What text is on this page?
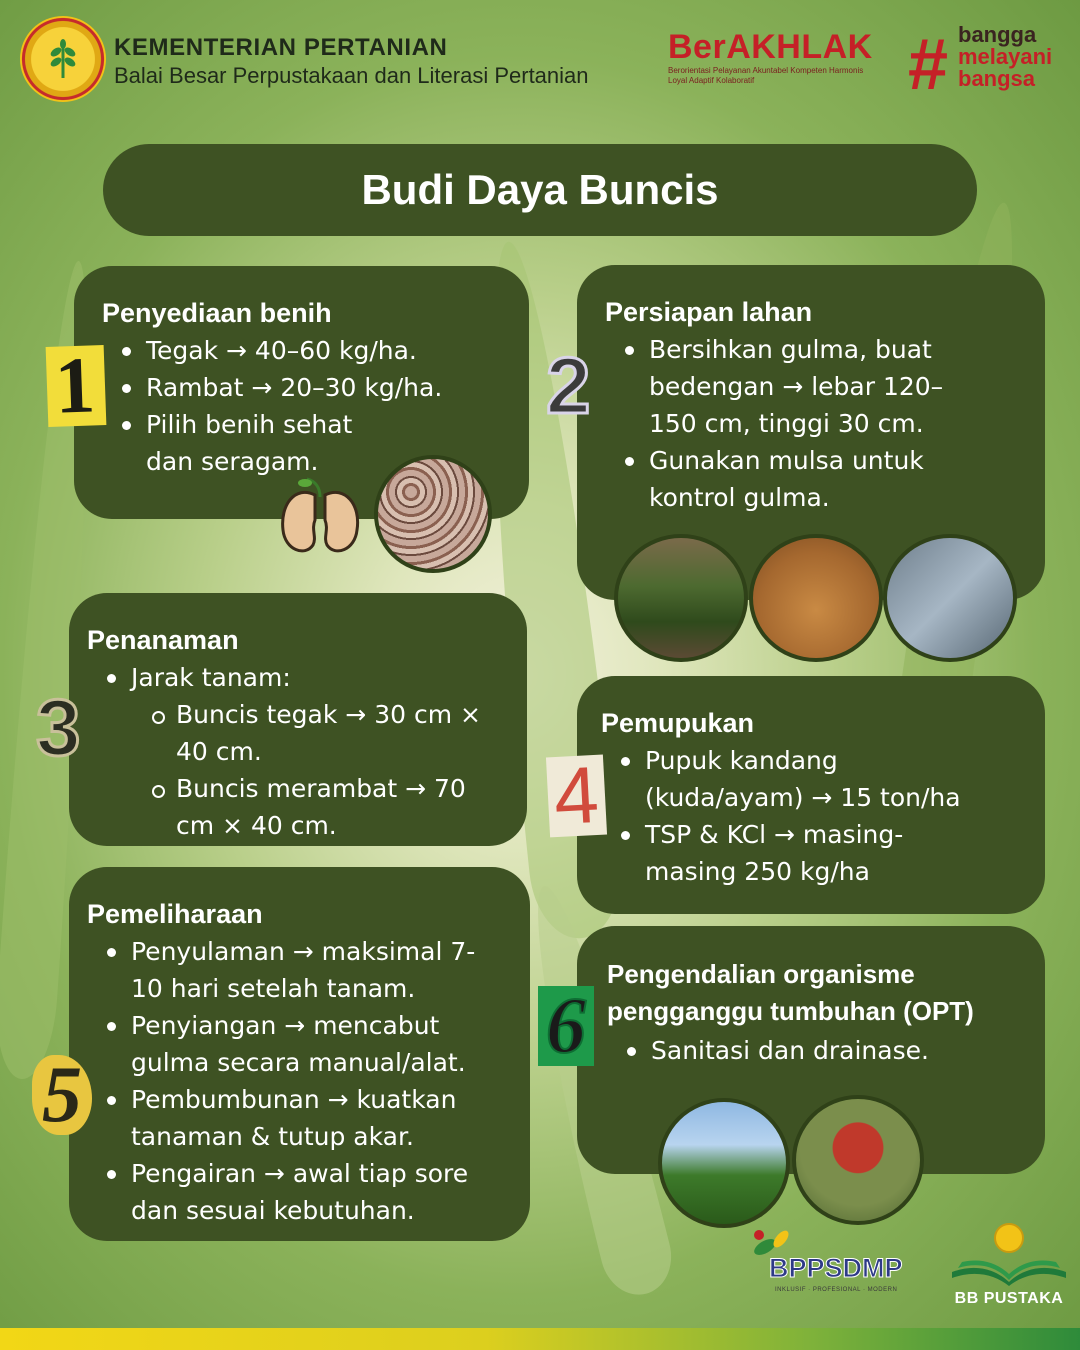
KEMENTERIAN PERTANIAN
Balai Besar Perpustakaan dan Literasi Pertanian
BerAKHLAK
Berorientasi Pelayanan Akuntabel Kompeten Harmonis Loyal Adaptif Kolaboratif	# bangga
melayani
bangsa
Budi Daya Buncis
Penyediaan benih
Tegak → 40–60 kg/ha.
Rambat → 20–30 kg/ha.
Pilih benih sehat dan seragam.
1
Persiapan lahan
Bersihkan gulma, buat bedengan → lebar 120–150 cm, tinggi 30 cm.
Gunakan mulsa untuk kontrol gulma.
2
Penanaman
Jarak tanam:
Buncis tegak → 30 cm × 40 cm.
Buncis merambat → 70 cm × 40 cm.
3	Pemupukan
Pupuk kandang (kuda/ayam) → 15 ton/ha
TSP & KCl → masing-masing 250 kg/ha
4
Pemeliharaan
Penyulaman → maksimal 7-10 hari setelah tanam.
Penyiangan → mencabut gulma secara manual/alat.
Pembumbunan → kuatkan tanaman & tutup akar.
Pengairan → awal tiap sore dan sesuai kebutuhan.
5
Pengendalian organisme pengganggu tumbuhan (OPT)
Sanitasi dan drainase.
6
BPPSDMP
INKLUSIF · PROFESIONAL · MODERN	BB PUSTAKA
